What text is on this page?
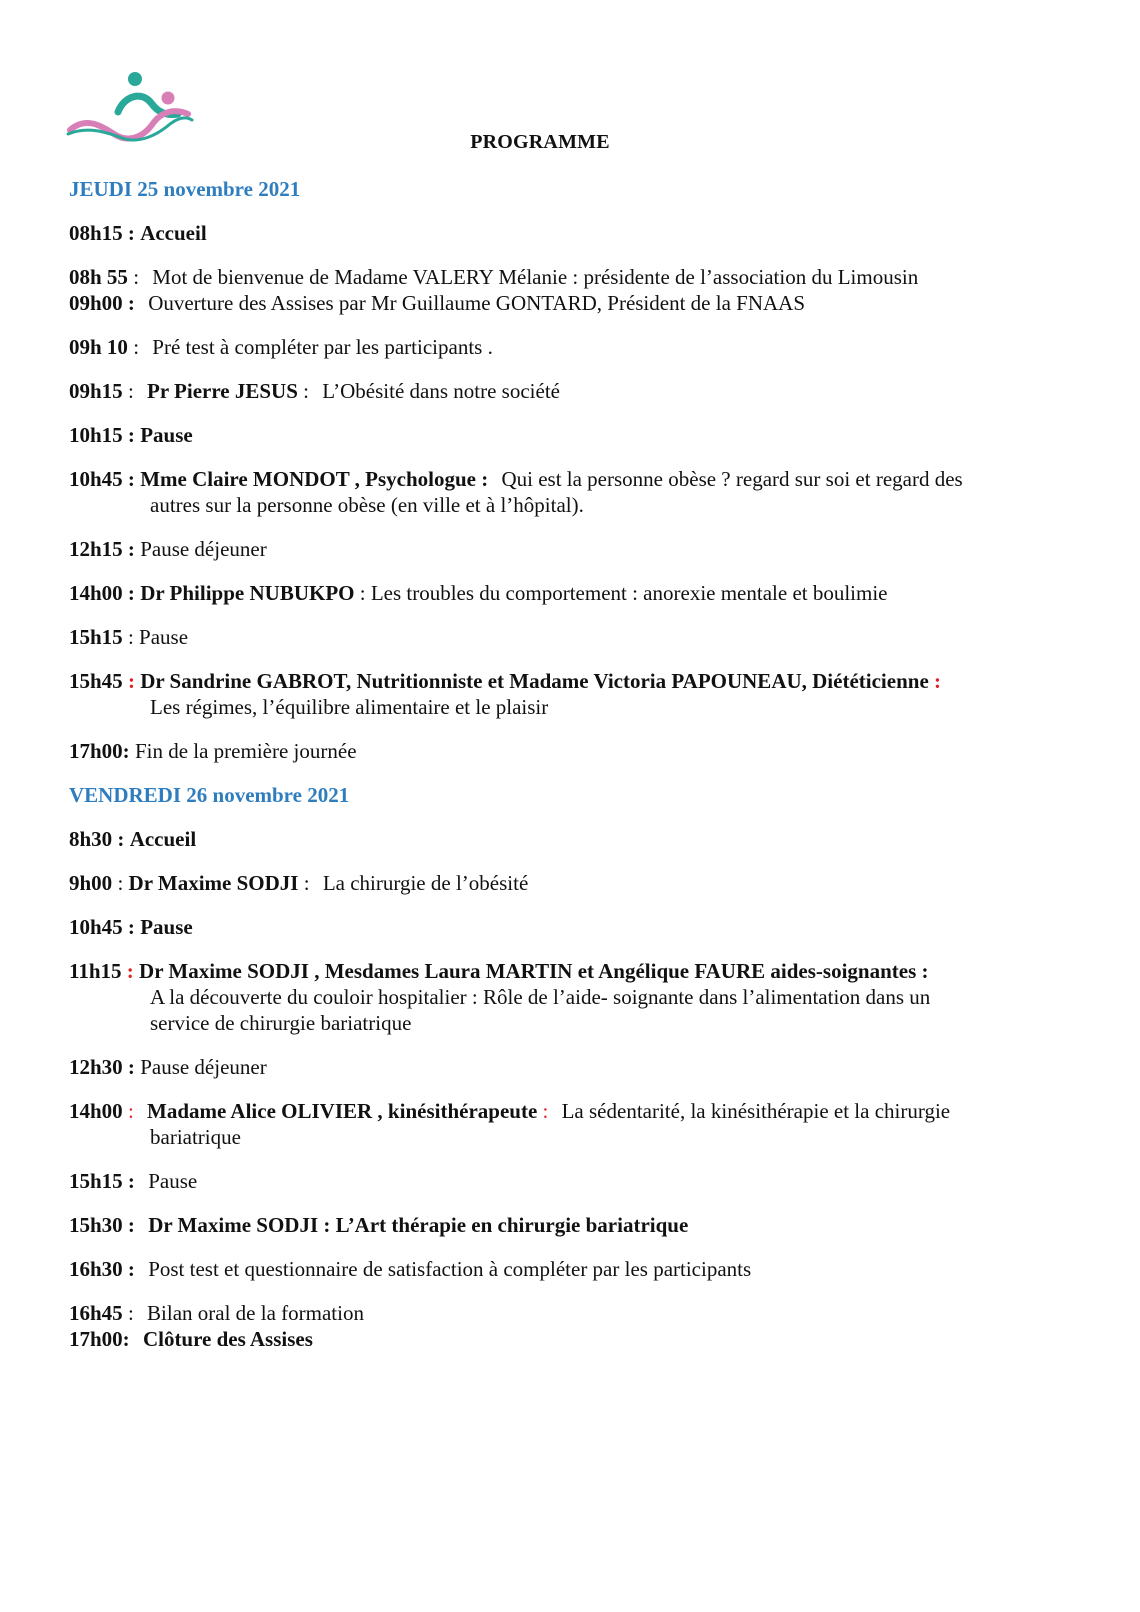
PROGRAMME
JEUDI 25 novembre 2021
08h15 : Accueil
08h 55 : Mot de bienvenue de Madame VALERY Mélanie : présidente de l’association du Limousin
09h00 : Ouverture des Assises par Mr Guillaume GONTARD, Président de la FNAAS
09h 10 : Pré test à compléter par les participants .
09h15 : Pr Pierre JESUS : L’Obésité dans notre société
10h15 : Pause
10h45 : Mme Claire MONDOT , Psychologue : Qui est la personne obèse ? regard sur soi et regard des
autres sur la personne obèse (en ville et à l’hôpital).
12h15 : Pause déjeuner
14h00 : Dr Philippe NUBUKPO : Les troubles du comportement : anorexie mentale et boulimie
15h15 : Pause
15h45 : Dr Sandrine GABROT, Nutritionniste et Madame Victoria PAPOUNEAU, Diététicienne :
Les régimes, l’équilibre alimentaire et le plaisir
17h00: Fin de la première journée
VENDREDI 26 novembre 2021
8h30 : Accueil
9h00 : Dr Maxime SODJI : La chirurgie de l’obésité
10h45 : Pause
11h15 : Dr Maxime SODJI , Mesdames Laura MARTIN et Angélique FAURE aides-soignantes :
A la découverte du couloir hospitalier : Rôle de l’aide- soignante dans l’alimentation dans un
service de chirurgie bariatrique
12h30 : Pause déjeuner
14h00 : Madame Alice OLIVIER , kinésithérapeute : La sédentarité, la kinésithérapie et la chirurgie
bariatrique
15h15 : Pause
15h30 : Dr Maxime SODJI : L’Art thérapie en chirurgie bariatrique
16h30 : Post test et questionnaire de satisfaction à compléter par les participants
16h45 : Bilan oral de la formation
17h00: Clôture des Assises
